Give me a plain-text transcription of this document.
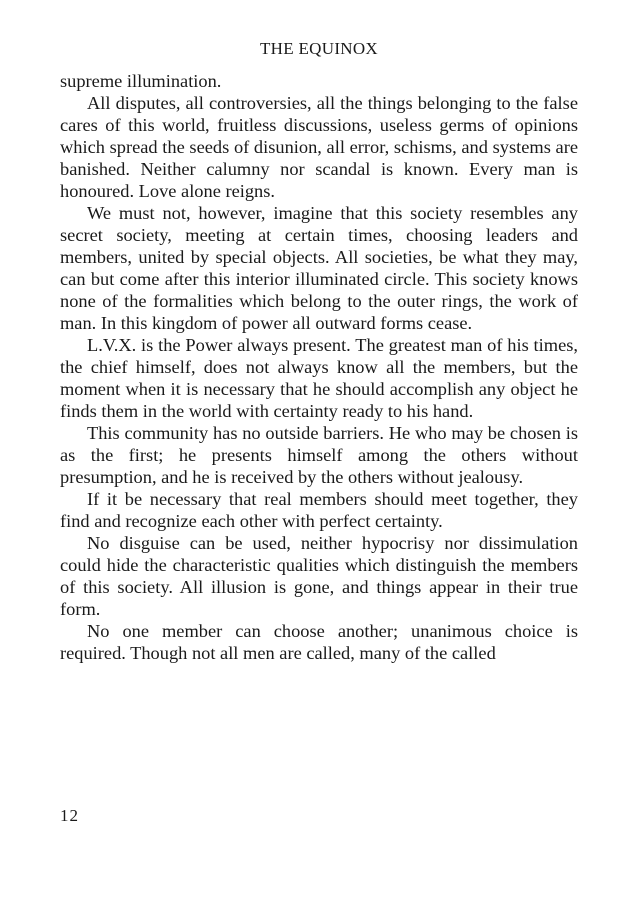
THE EQUINOX

supreme illumination.

All disputes, all controversies, all the things belonging to the false cares of this world, fruitless discussions, useless germs of opinions which spread the seeds of disunion, all error, schisms, and systems are banished. Neither calumny nor scandal is known. Every man is honoured. Love alone reigns.

We must not, however, imagine that this society resembles any secret society, meeting at certain times, choosing leaders and members, united by special objects. All societies, be what they may, can but come after this interior illuminated circle. This society knows none of the formalities which belong to the outer rings, the work of man. In this kingdom of power all outward forms cease.

L.V.X. is the Power always present. The greatest man of his times, the chief himself, does not always know all the members, but the moment when it is necessary that he should accomplish any object he finds them in the world with certainty ready to his hand.

This community has no outside barriers. He who may be chosen is as the first; he presents himself among the others without presumption, and he is received by the others without jealousy.

If it be necessary that real members should meet together, they find and recognize each other with perfect certainty.

No disguise can be used, neither hypocrisy nor dissimulation could hide the characteristic qualities which distinguish the members of this society. All illusion is gone, and things appear in their true form.

No one member can choose another; unanimous choice is required. Though not all men are called, many of the called

12
